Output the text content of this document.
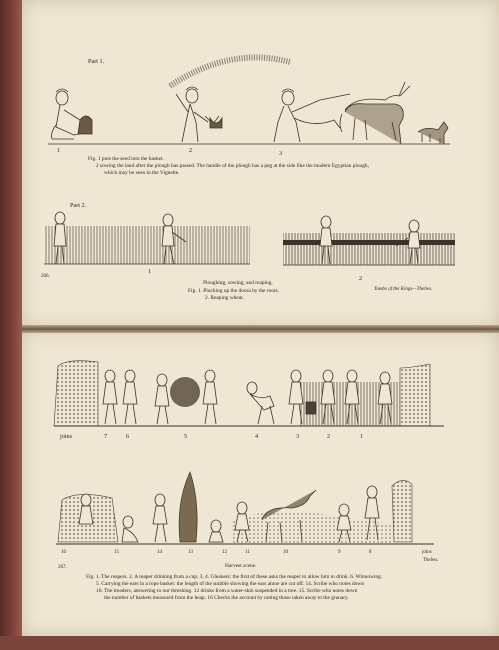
Part 1.
1	2	3
Fig. 1 puts the seed into the basket.
2 sowing the land after the plough has passed. The handle of the plough has a peg at the side like the modern Egyptian plough,
which may be seen in the Vignette.
Part 2.
1
2
266.
Ploughing, sowing, and reaping.
Fig. 1. Plucking up the doora by the roots.
2. Reaping wheat.
Tombs of the Kings—Thebes.
joins	7	6	5	4	3	2	1
16	15	14	13	12	11	10	9	8	joins
Thebes.
267.	Harvest scene.
Fig. 1. The reapers. 2. A reaper drinking from a cup. 3, 4. Gleaners: the first of these asks the reaper to allow him to drink. 6. Winnowing.
5. Carrying the ears in a rope basket: the length of the stubble showing the ears alone are cut off. 14. Scribe who notes down
10. The treaders, answering to our threshing. 12 drinks from a water-skin suspended in a tree. 15. Scribe who notes down
the number of baskets measured from the heap. 16 Checks the account by noting those taken away to the granary.
